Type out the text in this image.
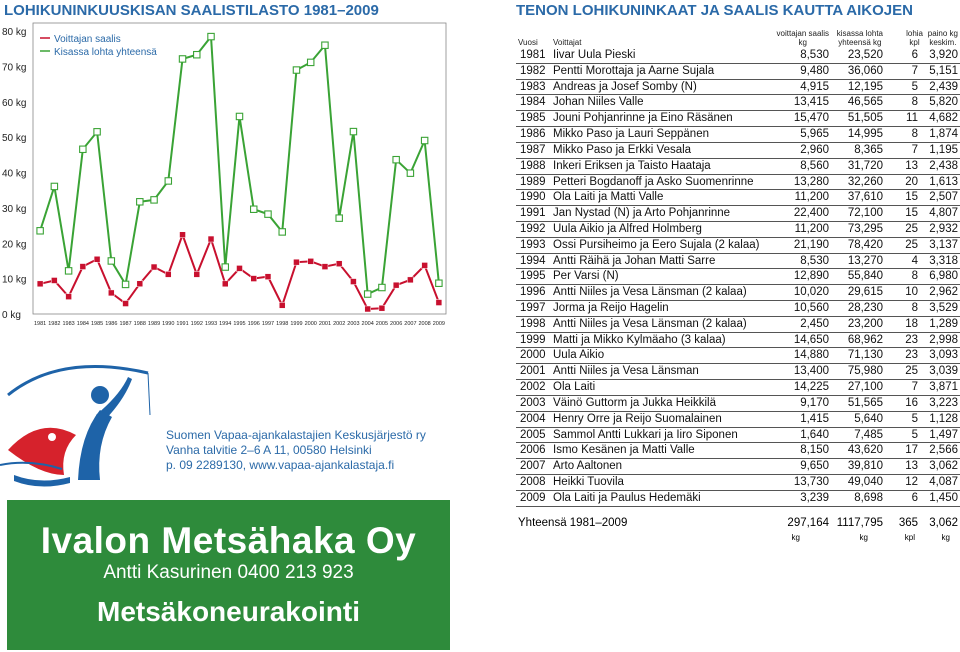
LOHIKUNINKUUSKISAN SAALISTILASTO 1981–2009	TENON LOHIKUNINKAAT JA SAALIS KAUTTA AIKOJEN
0 kg
10 kg
20 kg
30 kg
40 kg
50 kg
60 kg
70 kg
80 kg
1981 1982 1983 1984 1985 1986 1987 1988 1989 1990 1991 1992 1993 1994 1995 1996 1997 1998 1999 2000 2001 2002 2003 2004 2005 2006 2007 2008 2009
Voittajan saalis
Kisassa lohta yhteensä
Vuosi Voittajat
voittajan saalis
kg
kisassa lohta
yhteensä kg
lohia
kpl
paino kg
keskim.
1981 Iivar Uula Pieski	8,530 23,520 6 3,920
1982 Pentti Morottaja ja Aarne Sujala	9,480 36,060 7 5,151
1983 Andreas ja Josef Somby (N)	4,915 12,195 5 2,439
1984 Johan Niiles Valle	13,415 46,565 8 5,820
1985 Jouni Pohjanrinne ja Eino Räsänen	15,470 51,505 11 4,682
1986 Mikko Paso ja Lauri Seppänen	5,965 14,995 8 1,874
1987 Mikko Paso ja Erkki Vesala	2,960 8,365 7 1,195
1988 Inkeri Eriksen ja Taisto Haataja	8,560 31,720 13 2,438
1989 Petteri Bogdanoff ja Asko Suomenrinne	13,280 32,260 20 1,613
1990 Ola Laiti ja Matti Valle	11,200 37,610 15 2,507
1991 Jan Nystad (N) ja Arto Pohjanrinne	22,400 72,100 15 4,807
1992 Uula Aikio ja Alfred Holmberg	11,200 73,295 25 2,932
1993 Ossi Pursiheimo ja Eero Sujala (2 kalaa)	21,190 78,420 25 3,137
1994 Antti Räihä ja Johan Matti Sarre	8,530 13,270 4 3,318
1995 Per Varsi (N)	12,890 55,840 8 6,980
1996 Antti Niiles ja Vesa Länsman (2 kalaa)	10,020 29,615 10 2,962
1997 Jorma ja Reijo Hagelin	10,560 28,230 8 3,529
1998 Antti Niiles ja Vesa Länsman (2 kalaa)	2,450 23,200 18 1,289
1999 Matti ja Mikko Kylmäaho (3 kalaa)	14,650 68,962 23 2,998
2000 Uula Aikio	14,880 71,130 23 3,093
2001 Antti Niiles ja Vesa Länsman	13,400 75,980 25 3,039
2002 Ola Laiti	14,225 27,100 7 3,871
2003 Väinö Guttorm ja Jukka Heikkilä	9,170 51,565 16 3,223
2004 Henry Orre ja Reijo Suomalainen	1,415 5,640 5 1,128
2005 Sammol Antti Lukkari ja Iiro Siponen	1,640 7,485 5 1,497
2006 Ismo Kesänen ja Matti Valle	8,150 43,620 17 2,566
2007 Arto Aaltonen	9,650 39,810 13 3,062
2008 Heikki Tuovila	13,730 49,040 12 4,087
2009 Ola Laiti ja Paulus Hedemäki	3,239 8,698 6 1,450
Yhteensä 1981–2009	297,164 1117,795 365 3,062
kg	kg	kpl	kg
Suomen Vapaa-ajankalastajien Keskusjärjestö ry
Vanha talvitie 2–6 A 11, 00580 Helsinki
p. 09 2289130, www.vapaa-ajankalastaja.fi
Ivalon Metsähaka Oy
Antti Kasurinen 0400 213 923
Metsäkoneurakointi
